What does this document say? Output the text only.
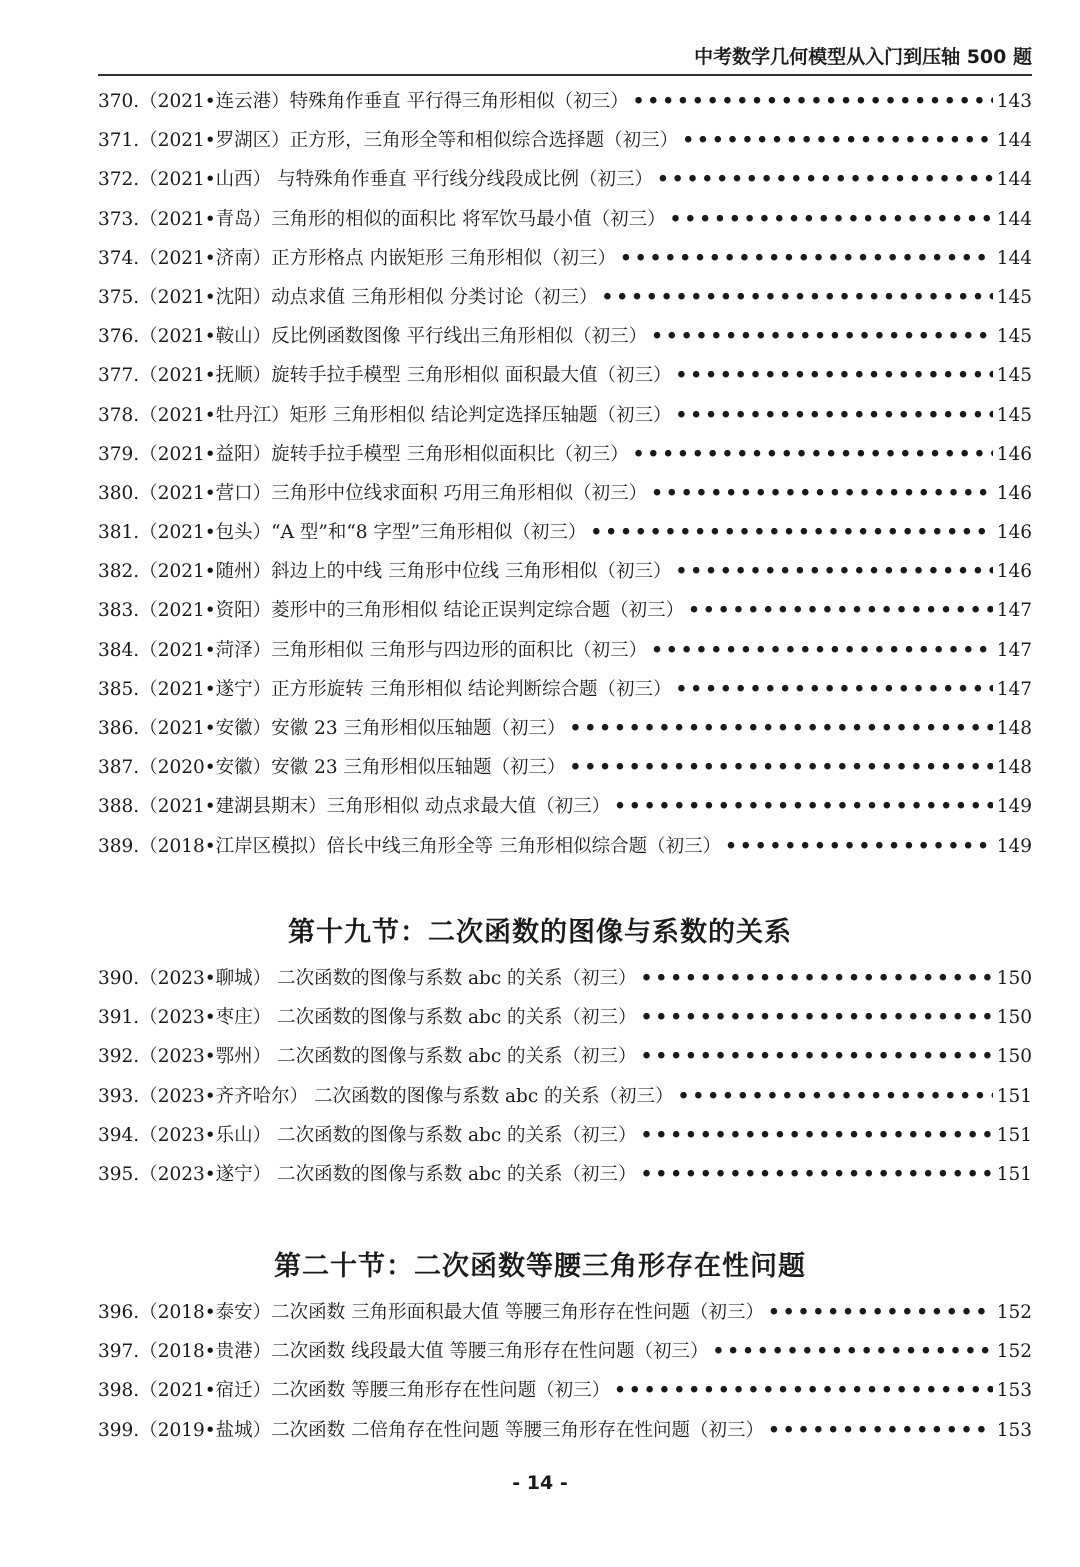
中考数学几何模型从入门到压轴 500 题
370.（2021•连云港）特殊角作垂直 平行得三角形相似（初三） •••••	143
371.（2021•罗湖区）正方形，三角形全等和相似综合选择题（初三） •••••	144
372.（2021•山西） 与特殊角作垂直 平行线分线段成比例（初三） •••••	144
373.（2021•青岛）三角形的相似的面积比 将军饮马最小值（初三） •••••	144
374.（2021•济南）正方形格点 内嵌矩形 三角形相似（初三） •••••	144
375.（2021•沈阳）动点求值 三角形相似 分类讨论（初三） •••••	145
376.（2021•鞍山）反比例函数图像 平行线出三角形相似（初三） •••••	145
377.（2021•抚顺）旋转手拉手模型 三角形相似 面积最大值（初三） •••••	145
378.（2021•牡丹江）矩形 三角形相似 结论判定选择压轴题（初三） •••••	145
379.（2021•益阳）旋转手拉手模型 三角形相似面积比（初三） •••••	146
380.（2021•营口）三角形中位线求面积 巧用三角形相似（初三） •••••	146
381.（2021•包头）“A 型”和“8 字型”三角形相似（初三） •••••	146
382.（2021•随州）斜边上的中线 三角形中位线 三角形相似（初三） •••••	146
383.（2021•资阳）菱形中的三角形相似 结论正误判定综合题（初三） •••••	147
384.（2021•菏泽）三角形相似 三角形与四边形的面积比（初三） •••••	147
385.（2021•遂宁）正方形旋转 三角形相似 结论判断综合题（初三） •••••	147
386.（2021•安徽）安徽 23 三角形相似压轴题（初三） •••••	148
387.（2020•安徽）安徽 23 三角形相似压轴题（初三） •••••	148
388.（2021•建湖县期末）三角形相似 动点求最大值（初三） •••••	149
389.（2018•江岸区模拟）倍长中线三角形全等 三角形相似综合题（初三） •••••	149
第十九节：二次函数的图像与系数的关系
390.（2023•聊城） 二次函数的图像与系数 abc 的关系（初三） •••••	150
391.（2023•枣庄） 二次函数的图像与系数 abc 的关系（初三） •••••	150
392.（2023•鄂州） 二次函数的图像与系数 abc 的关系（初三） •••••	150
393.（2023•齐齐哈尔） 二次函数的图像与系数 abc 的关系（初三） •••••	151
394.（2023•乐山） 二次函数的图像与系数 abc 的关系（初三） •••••	151
395.（2023•遂宁） 二次函数的图像与系数 abc 的关系（初三） •••••	151
第二十节：二次函数等腰三角形存在性问题
396.（2018•泰安）二次函数 三角形面积最大值 等腰三角形存在性问题（初三） •••••	152
397.（2018•贵港）二次函数 线段最大值 等腰三角形存在性问题（初三） •••••	152
398.（2021•宿迁）二次函数 等腰三角形存在性问题（初三） •••••	153
399.（2019•盐城）二次函数 二倍角存在性问题 等腰三角形存在性问题（初三） •••••	153
- 14 -
